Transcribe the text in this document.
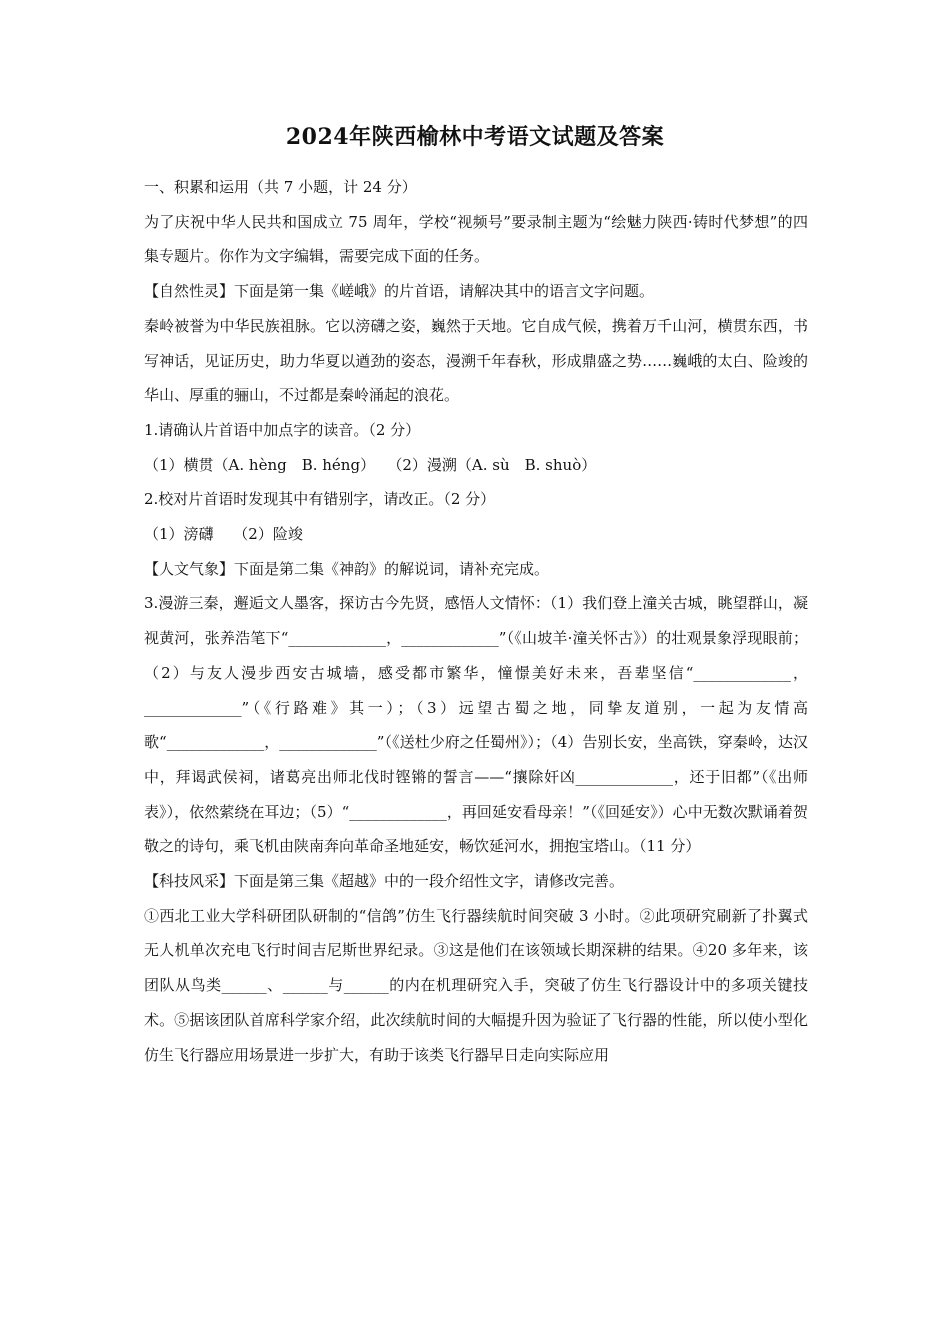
2024年陕西榆林中考语文试题及答案

一、积累和运用（共 7 小题，计 24 分）

为了庆祝中华人民共和国成立 75 周年，学校“视频号”要录制主题为“绘魅力陕西·铸时代梦想”的四集专题片。你作为文字编辑，需要完成下面的任务。

【自然性灵】下面是第一集《嵯峨》的片首语，请解决其中的语言文字问题。

秦岭被誉为中华民族祖脉。它以滂礴之姿，巍然于天地。它自成气候，携着万千山河，横贯东西，书写神话，见证历史，助力华夏以遒劲的姿态，漫溯千年春秋，形成鼎盛之势……巍峨的太白、险竣的华山、厚重的骊山，不过都是秦岭涌起的浪花。

1.请确认片首语中加点字的读音。（2 分）

（1）横贯（A. hèng　B. héng）　 （2）漫溯（A. sù　B. shuò）

2.校对片首语时发现其中有错别字，请改正。（2 分）

（1）滂礴　 （2）险竣

【人文气象】下面是第二集《神韵》的解说词，请补充完成。

3.漫游三秦，邂逅文人墨客，探访古今先贤，感悟人文情怀：（1）我们登上潼关古城，眺望群山，凝视黄河，张养浩笔下“_____________，_____________”（《山坡羊·潼关怀古》）的壮观景象浮现眼前；（2）与友人漫步西安古城墙，感受都市繁华，憧憬美好未来，吾辈坚信“_____________，_____________”（《行路难》其一）；（3）远望古蜀之地，同挚友道别，一起为友情高歌“_____________，_____________”（《送杜少府之任蜀州》）；（4）告别长安，坐高铁，穿秦岭，达汉中，拜谒武侯祠，诸葛亮出师北伐时铿锵的誓言——“攘除奸凶_____________，还于旧都”（《出师表》），依然萦绕在耳边；（5）“_____________，再回延安看母亲！”（《回延安》）心中无数次默诵着贺敬之的诗句，乘飞机由陕南奔向革命圣地延安，畅饮延河水，拥抱宝塔山。（11 分）

【科技风采】下面是第三集《超越》中的一段介绍性文字，请修改完善。

①西北工业大学科研团队研制的“信鸽”仿生飞行器续航时间突破 3 小时。②此项研究刷新了扑翼式无人机单次充电飞行时间吉尼斯世界纪录。③这是他们在该领域长期深耕的结果。④20 多年来，该团队从鸟类______、______与______的内在机理研究入手，突破了仿生飞行器设计中的多项关键技术。⑤据该团队首席科学家介绍，此次续航时间的大幅提升因为验证了飞行器的性能，所以使小型化仿生飞行器应用场景进一步扩大，有助于该类飞行器早日走向实际应用
